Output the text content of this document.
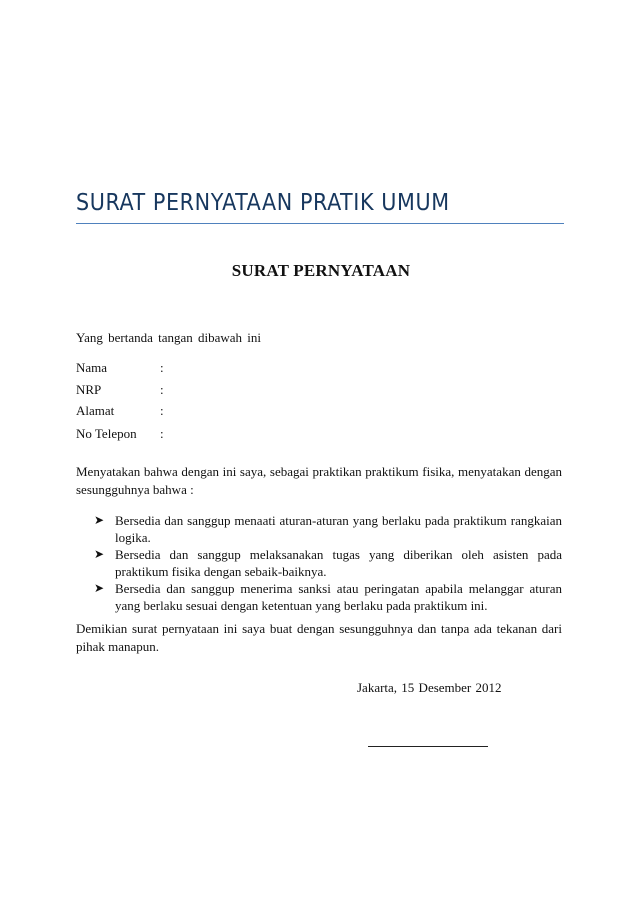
SURAT PERNYATAAN PRATIK UMUM
SURAT PERNYATAAN
Yang bertanda tangan dibawah ini
Nama	:
NRP	:
Alamat	:
No Telepon :
Menyatakan bahwa dengan ini saya, sebagai praktikan praktikum fisika, menyatakan dengan sesungguhnya bahwa :
➤ Bersedia dan sanggup menaati aturan-aturan yang berlaku pada praktikum rangkaian logika.
➤ Bersedia dan sanggup melaksanakan tugas yang diberikan oleh asisten pada praktikum fisika dengan sebaik-baiknya.
➤ Bersedia dan sanggup menerima sanksi atau peringatan apabila melanggar aturan yang berlaku sesuai dengan ketentuan yang berlaku pada praktikum ini.
Demikian surat pernyataan ini saya buat dengan sesungguhnya dan tanpa ada tekanan dari pihak manapun.
Jakarta, 15 Desember 2012
